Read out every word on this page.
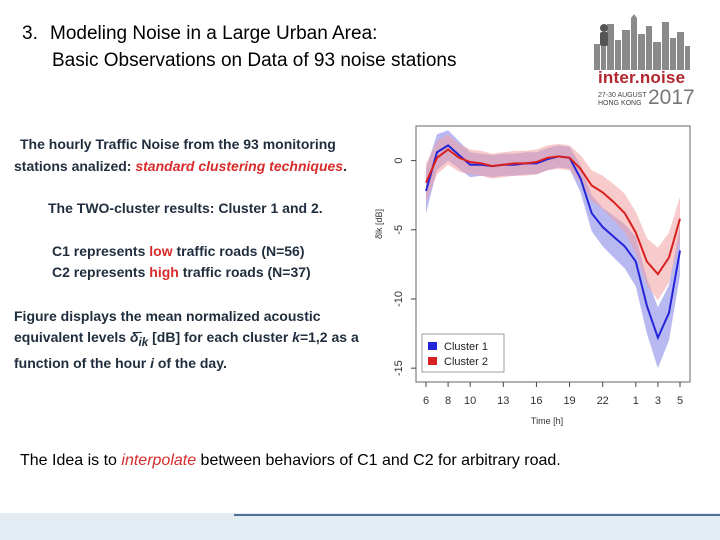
3. Modeling Noise in a Large Urban Area:
Basic Observations on Data of 93 noise stations
inter.noise
27-30 AUGUST
HONG KONG 2017
The hourly Traffic Noise from the 93 monitoring
stations analized: standard clustering techniques.
The TWO-cluster results: Cluster 1 and 2.
C1 represents low traffic roads (N=56)
C2 represents high traffic roads (N=37)
Figure displays the mean normalized acoustic equivalent levels $\deltā_{ik}$ [dB] for each cluster k=1,2 as a function of the hour i of the day.
0
-5
-10
-15
δ̄ik [dB]
6 8 10 13 16 19 22 1 3 5
Time [h]
Cluster 1
Cluster 2
The Idea is to interpolate between behaviors of C1 and C2 for arbitrary road.
